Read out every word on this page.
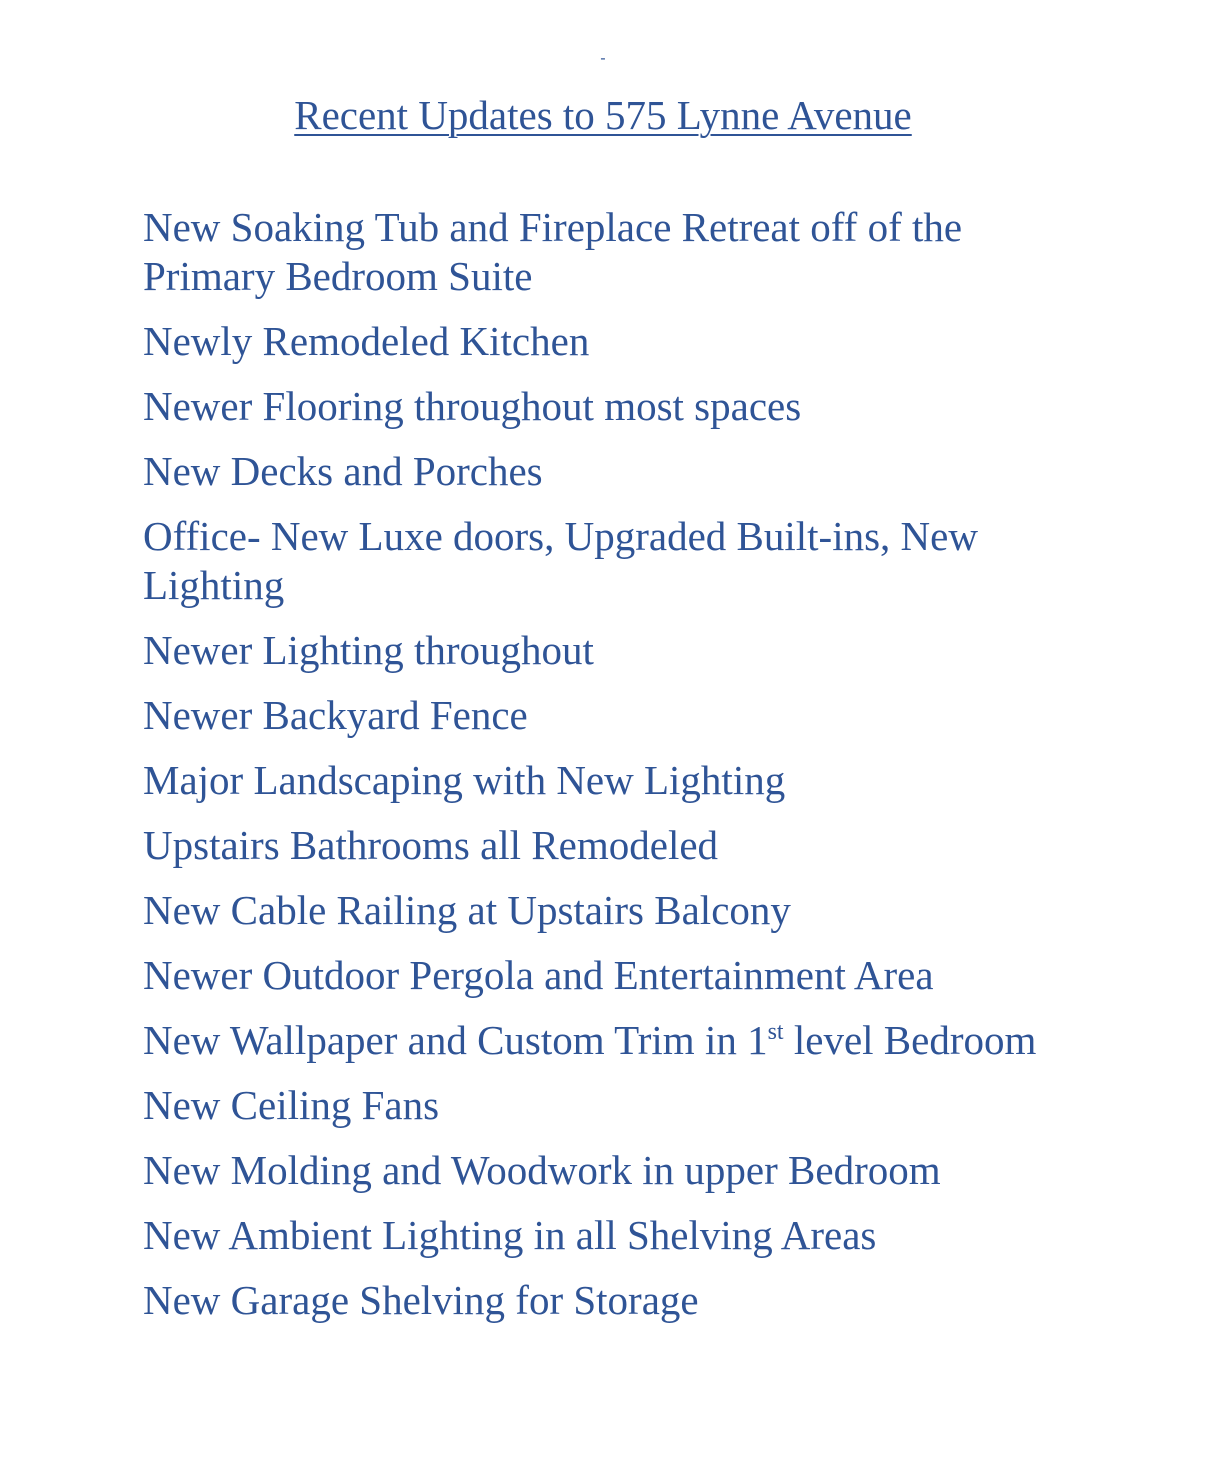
-
Recent Updates to 575 Lynne Avenue
New Soaking Tub and Fireplace Retreat off of the Primary Bedroom Suite
Newly Remodeled Kitchen
Newer Flooring throughout most spaces
New Decks and Porches
Office- New Luxe doors, Upgraded Built-ins, New Lighting
Newer Lighting throughout
Newer Backyard Fence
Major Landscaping with New Lighting
Upstairs Bathrooms all Remodeled
New Cable Railing at Upstairs Balcony
Newer Outdoor Pergola and Entertainment Area
New Wallpaper and Custom Trim in 1st level Bedroom
New Ceiling Fans
New Molding and Woodwork in upper Bedroom
New Ambient Lighting in all Shelving Areas
New Garage Shelving for Storage
